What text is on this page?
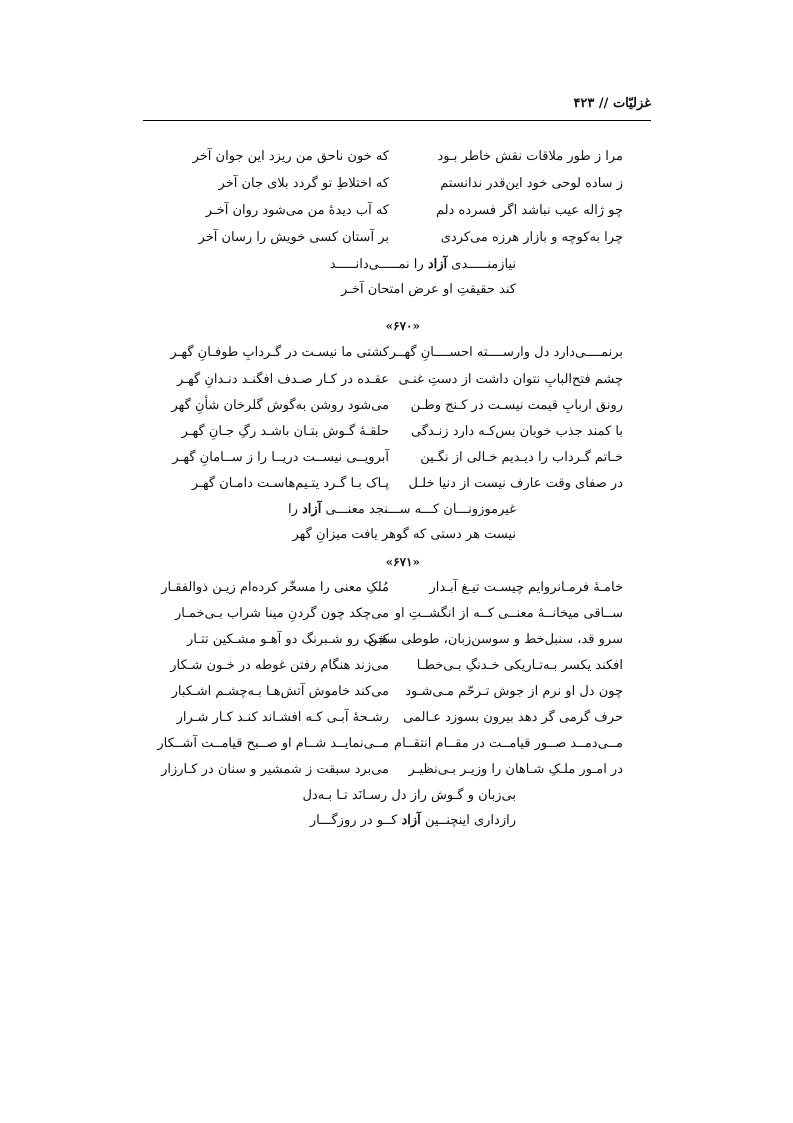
غزلیّات // ۴۲۳
مرا ز طور ملاقات نقش خاطر بـود
که خون ناحق من ریزد این جوان آخر
ز ساده لوحی خود این‌قدر ندانستم
که اختلاطِ تو گردد بلای جان آخر
چو ژاله عیب نباشد اگر فسرده دلم
که آب دیدهٔ من می‌شود روان آخـر
چرا به‌کوچه و بازار هرزه می‌کردی
بر آستان کسی خویش را رسان آخر
نیازمنـــــدی آزاد را نمـــــی‌دانـــــد
کند حقیقتِ او عرض امتحان آخـر
«۶۷۰»
برنمــــی‌دارد دل وارســــته احســــانِ گهــر
کشتی ما نیسـت در گـردابِ طوفـانِ گهـر
چشم فتح‌البابِ نتوان داشت از دستِ غنـی
عقـده در کـار صـدف افگنـد دنـدانِ گهـر
رونق اربابِ قیمت نیسـت در کـنج وطـن
می‌شود روشن به‌گوش گلرخان شأنِ گهر
با کمند جذب خوبان بس‌کـه دارد زنـدگی
حلقـهٔ گـوش بتـان باشـد رگِ جـانِ گهـر
خـاتم گـرداب را دیـدیم خـالی از نگـین
آبرویــی نیســت دریــا را ز ســامانِ گهـر
در صفای وقت عارف نیست از دنیا خلـل
پـاک بـا گـرد یتـیم‌هاسـت دامـان گهـر
غیرموزونـــان کـــه ســـنجد معنـــی آزاد را
نیست هر دستی که گوهر یافت میزانِ گهر
«۶۷۱»
خامـهٔ فرمـانروایم چیسـت تیـغ آبـدار
مُلکِ معنی را مسخّر کرده‌ام زیـن ذوالفقـار
ســاقی میخانــهٔ معنــی کــه از انگشــتِ او
می‌چکد چون گردنِ مینا شراب بـی‌خمـار
سرو قد، سنبل‌خط و سوسن‌زبان، طوطی‌ سخن
کبـک رو شـبرنگ دو آهـو مشـکین تتـار
افکند یکسر بـه‌تـاریکی خـدنگِ بـی‌خطـا
می‌زند هنگام رفتن غوطه در خـون شـکار
چون دل او نرم از جوش تـرحّم مـی‌شـود
می‌کند خاموش آتش‌هـا بـه‌چشـم اشـکبار
حرف گرمی گر دهد بیرون بسوزد عـالمی
رشـحهٔ آبـی کـه افشـاند کنـد کـار شـرار
مــی‌دمــد صــور قیامــت در مقــام انتقــام
مــی‌نمایــد شــام او صــبح قیامــت آشــکار
در امـور ملـکِ شـاهان را وزیـر بـی‌نظیـر
می‌برد سبقت ز شمشیر و سنان در کـارزار
بی‌زبان و گـوش راز دل رسـانَد تـا بـه‌دل
رازداری اینچنــین آزاد کــو در روزگـــار
